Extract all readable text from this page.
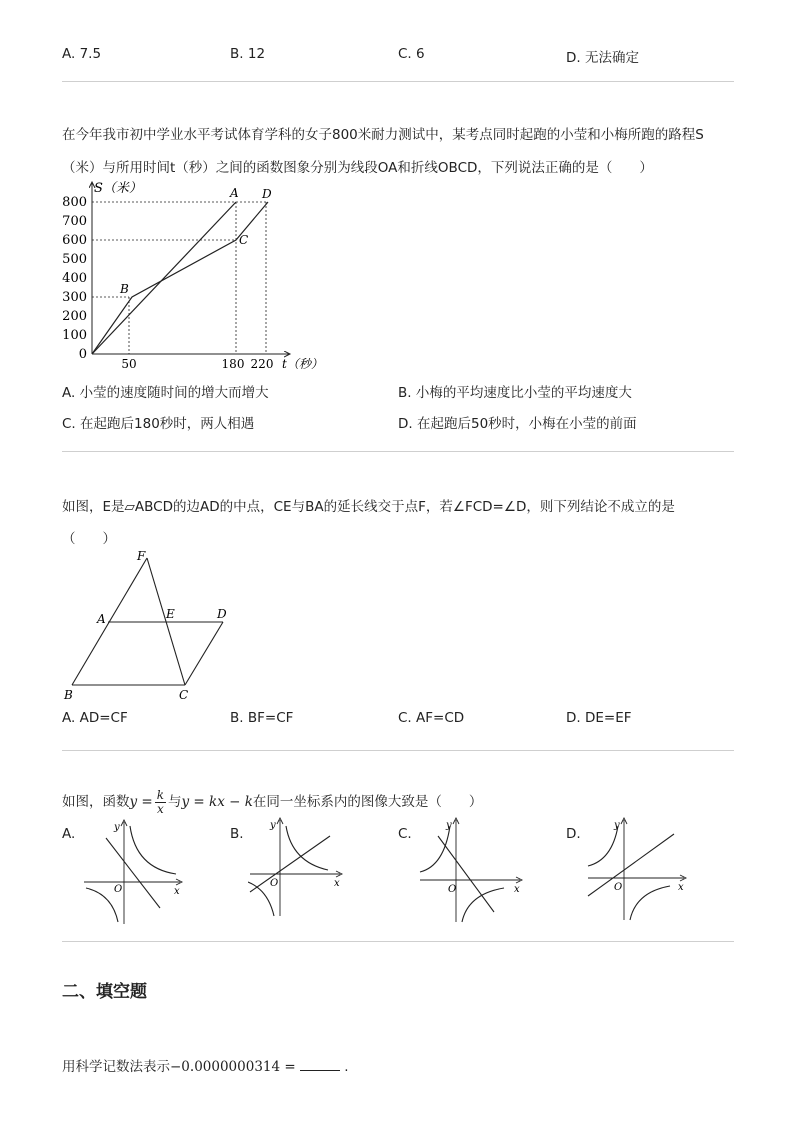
A. 7.5	B. 12	C. 6	D. 无法确定
在今年我市初中学业水平考试体育学科的女子800米耐力测试中，某考点同时起跑的小莹和小梅所跑的路程S
（米）与所用时间t（秒）之间的函数图象分别为线段OA和折线OBCD，下列说法正确的是（　　）
S（米）
t（秒）
800
700
600
500
400
300
200
100
0
A
B
C
D
50	180 220
A. 小莹的速度随时间的增大而增大	B. 小梅的平均速度比小莹的平均速度大
C. 在起跑后180秒时，两人相遇	D. 在起跑后50秒时，小梅在小莹的前面
如图，E是▱ABCD的边AD的中点，CE与BA的延长线交于点F，若∠FCD=∠D，则下列结论不成立的是
（　　）
F
A	E	D
B	C
A. AD=CF	B. BF=CF	C. AF=CD	D. DE=EF
如图，函数$y = \frac{k}{x}$ 与y = kx − k在同一坐标系内的图像大致是（　　）
A.	y
x
O
B.
y
x
O
C.
y
x
O
D.
y
x
O
二、填空题
用科学记数法表示−0.0000000314 =	.
